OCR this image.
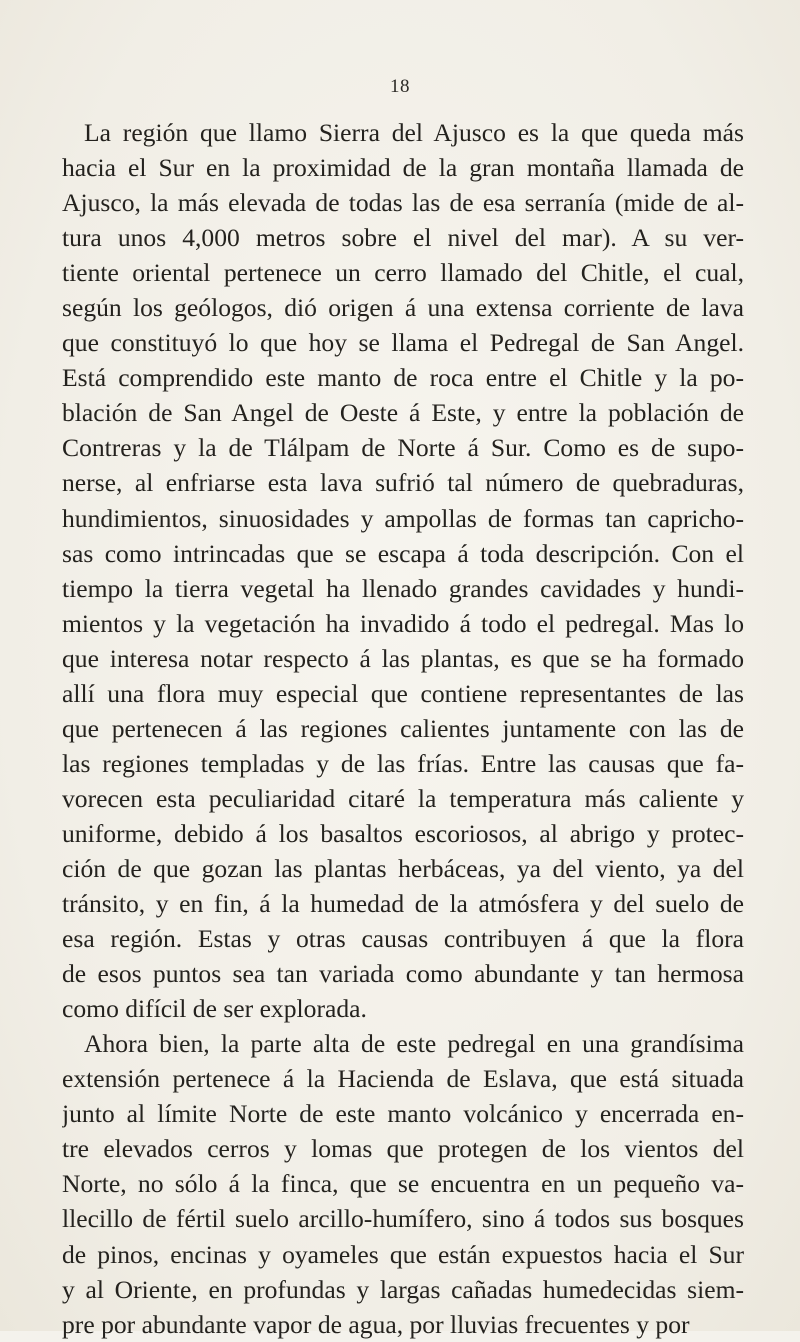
18
La región que llamo Sierra del Ajusco es la que queda más
hacia el Sur en la proximidad de la gran montaña llamada de
Ajusco, la más elevada de todas las de esa serranía (mide de al-
tura unos 4,000 metros sobre el nivel del mar). A su ver-
tiente oriental pertenece un cerro llamado del Chitle, el cual,
según los geólogos, dió origen á una extensa corriente de lava
que constituyó lo que hoy se llama el Pedregal de San Angel.
Está comprendido este manto de roca entre el Chitle y la po-
blación de San Angel de Oeste á Este, y entre la población de
Contreras y la de Tlálpam de Norte á Sur. Como es de supo-
nerse, al enfriarse esta lava sufrió tal número de quebraduras,
hundimientos, sinuosidades y ampollas de formas tan capricho-
sas como intrincadas que se escapa á toda descripción. Con el
tiempo la tierra vegetal ha llenado grandes cavidades y hundi-
mientos y la vegetación ha invadido á todo el pedregal. Mas lo
que interesa notar respecto á las plantas, es que se ha formado
allí una flora muy especial que contiene representantes de las
que pertenecen á las regiones calientes juntamente con las de
las regiones templadas y de las frías. Entre las causas que fa-
vorecen esta peculiaridad citaré la temperatura más caliente y
uniforme, debido á los basaltos escoriosos, al abrigo y protec-
ción de que gozan las plantas herbáceas, ya del viento, ya del
tránsito, y en fin, á la humedad de la atmósfera y del suelo de
esa región. Estas y otras causas contribuyen á que la flora
de esos puntos sea tan variada como abundante y tan hermosa
como difícil de ser explorada.
Ahora bien, la parte alta de este pedregal en una grandísima
extensión pertenece á la Hacienda de Eslava, que está situada
junto al límite Norte de este manto volcánico y encerrada en-
tre elevados cerros y lomas que protegen de los vientos del
Norte, no sólo á la finca, que se encuentra en un pequeño va-
llecillo de fértil suelo arcillo-humífero, sino á todos sus bosques
de pinos, encinas y oyameles que están expuestos hacia el Sur
y al Oriente, en profundas y largas cañadas humedecidas siem-
pre por abundante vapor de agua, por lluvias frecuentes y por
